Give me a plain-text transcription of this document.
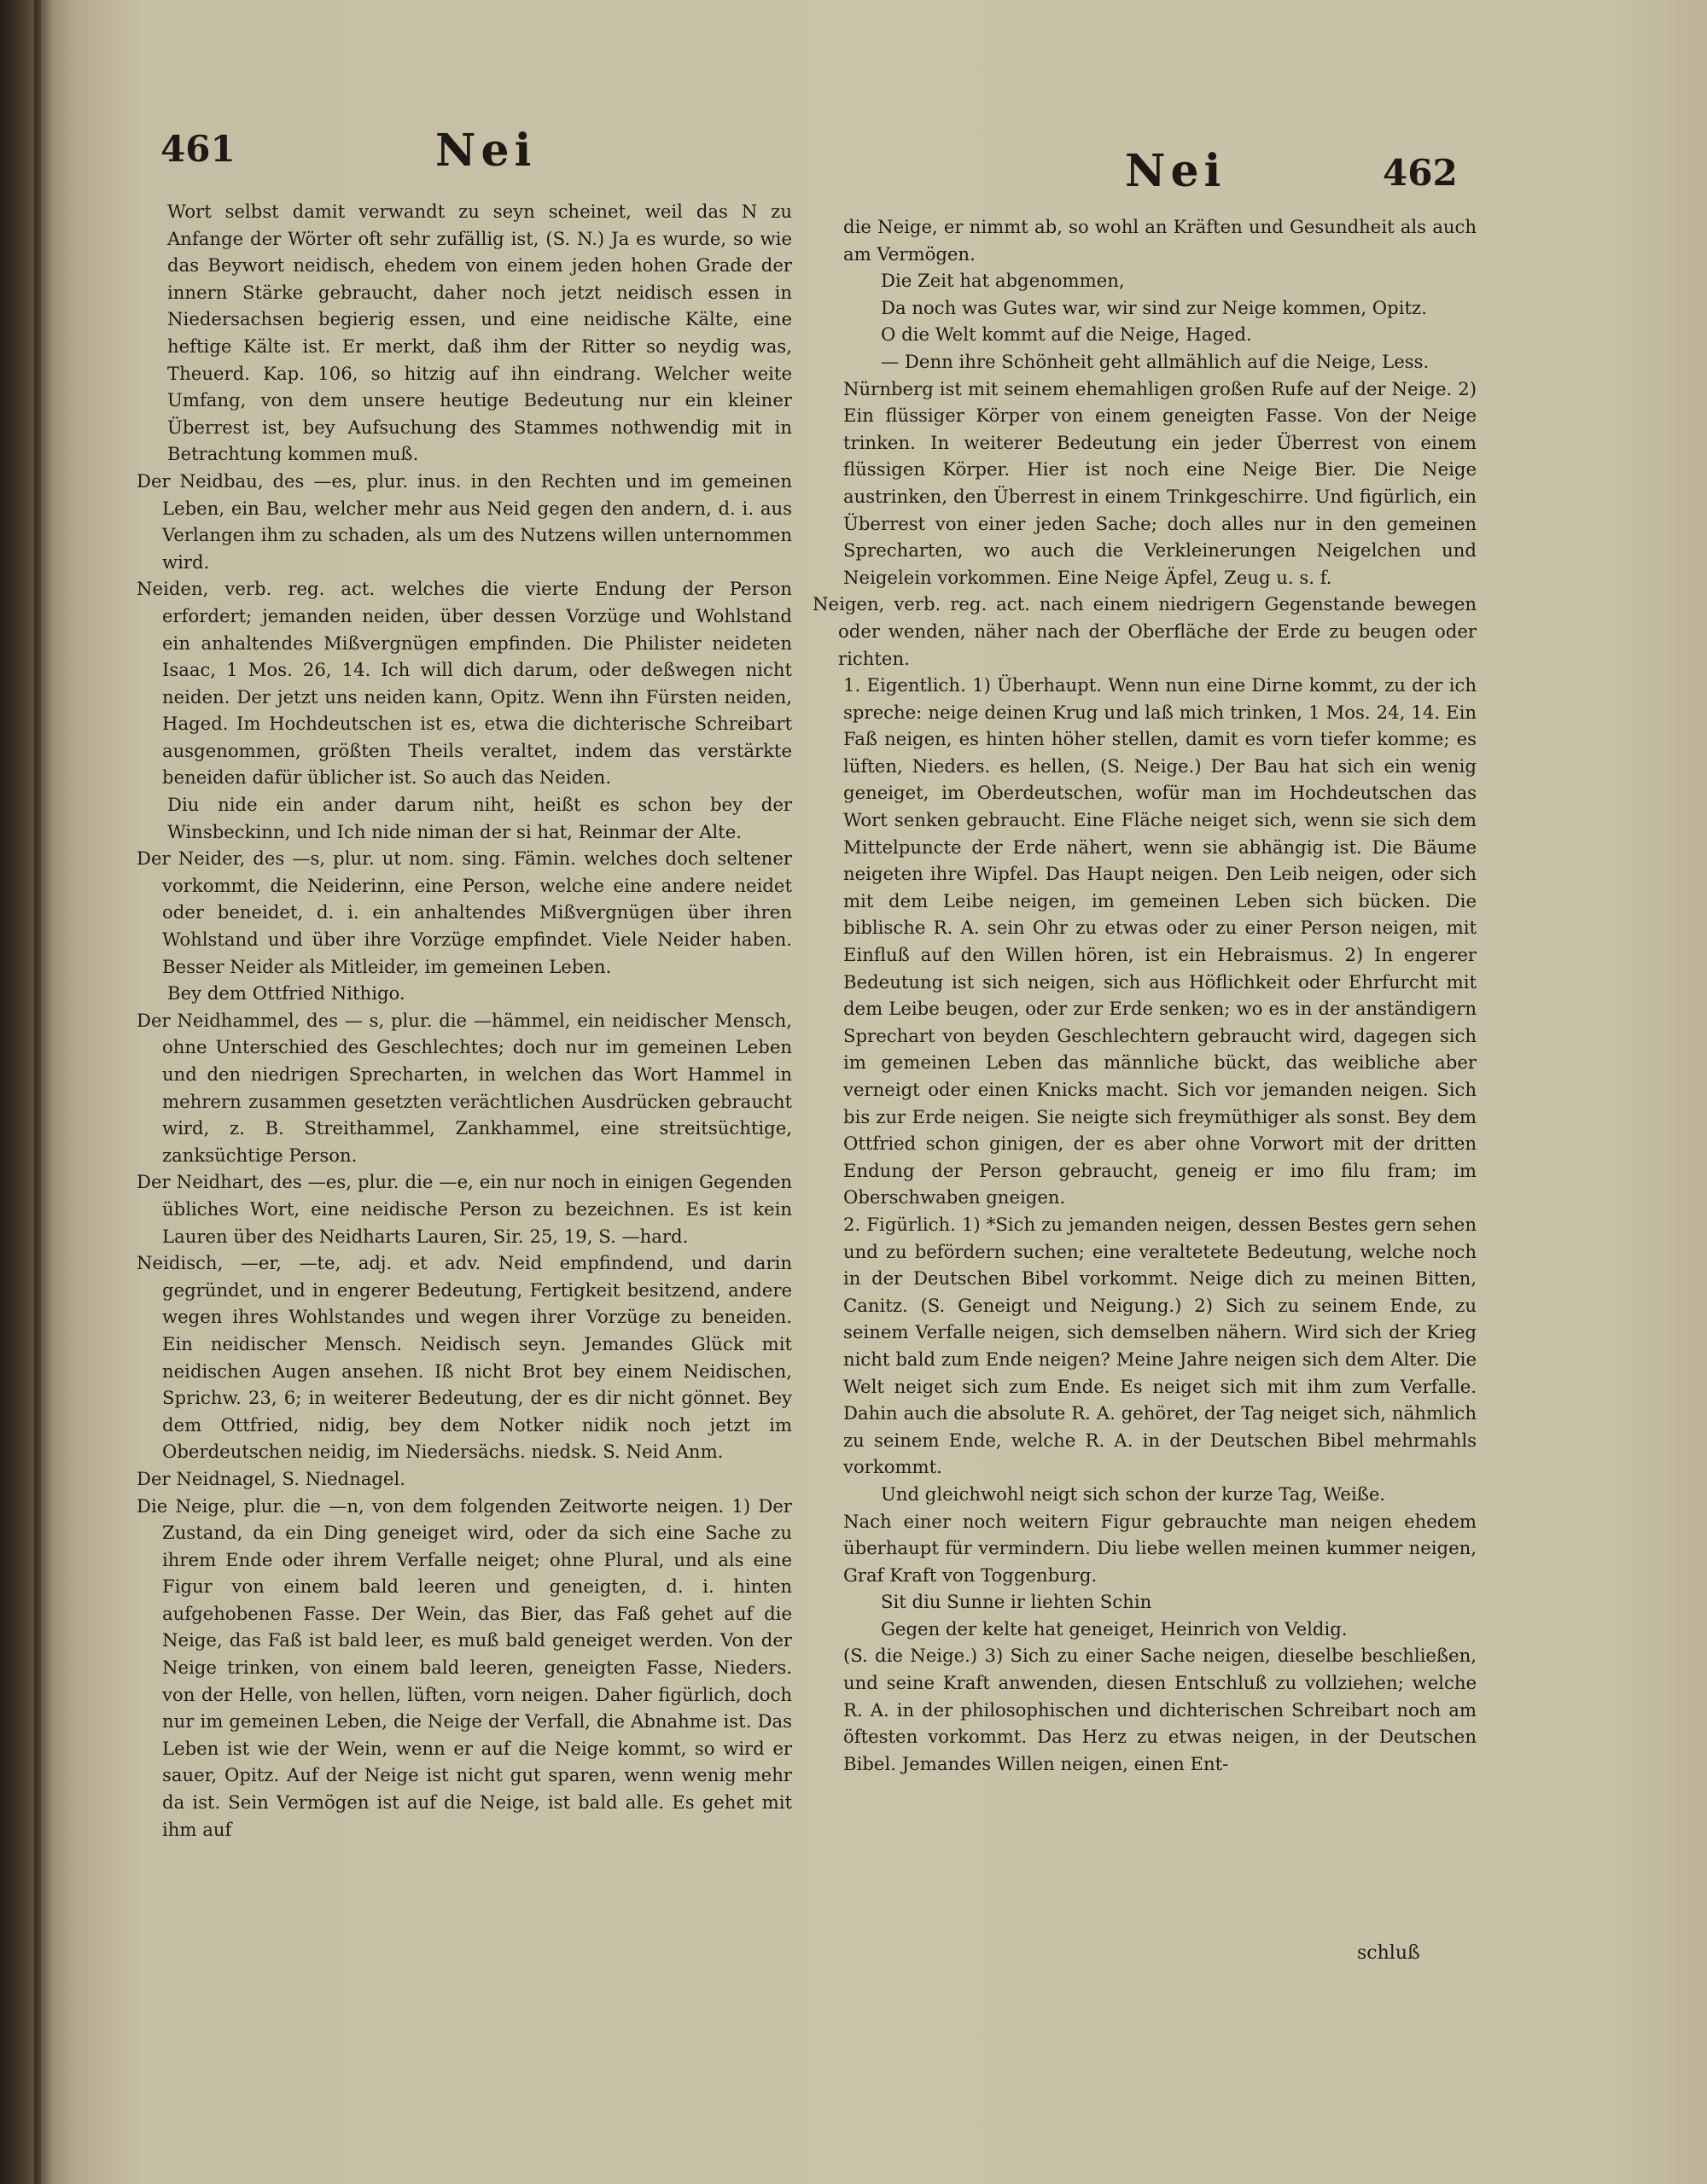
461	Nei	Nei	462

Wort selbst damit verwandt zu seyn scheinet, weil das N zu Anfange der Wörter oft sehr zufällig ist, (S. N.) Ja es wurde, so wie das Beywort neidisch, ehedem von einem jeden hohen Grade der innern Stärke gebraucht, daher noch jetzt neidisch essen in Niedersachsen begierig essen, und eine neidische Kälte, eine heftige Kälte ist. Er merkt, daß ihm der Ritter so neydig was, Theuerd. Kap. 106, so hitzig auf ihn eindrang. Welcher weite Umfang, von dem unsere heutige Bedeutung nur ein kleiner Überrest ist, bey Aufsuchung des Stammes nothwendig mit in Betrachtung kommen muß.

Der Neidbau, des —es, plur. inus. in den Rechten und im gemeinen Leben, ein Bau, welcher mehr aus Neid gegen den andern, d. i. aus Verlangen ihm zu schaden, als um des Nutzens willen unternommen wird.

Neiden, verb. reg. act. welches die vierte Endung der Person erfordert; jemanden neiden, über dessen Vorzüge und Wohlstand ein anhaltendes Mißvergnügen empfinden. Die Philister neideten Isaac, 1 Mos. 26, 14. Ich will dich darum, oder deßwegen nicht neiden. Der jetzt uns neiden kann, Opitz. Wenn ihn Fürsten neiden, Haged. Im Hochdeutschen ist es, etwa die dichterische Schreibart ausgenommen, größten Theils veraltet, indem das verstärkte beneiden dafür üblicher ist. So auch das Neiden.

Diu nide ein ander darum niht, heißt es schon bey der Winsbeckinn, und Ich nide niman der si hat, Reinmar der Alte.

Der Neider, des —s, plur. ut nom. sing. Fämin. welches doch seltener vorkommt, die Neiderinn, eine Person, welche eine andere neidet oder beneidet, d. i. ein anhaltendes Mißvergnügen über ihren Wohlstand und über ihre Vorzüge empfindet. Viele Neider haben. Besser Neider als Mitleider, im gemeinen Leben.

Bey dem Ottfried Nithigo.

Der Neidhammel, des — s, plur. die —hämmel, ein neidischer Mensch, ohne Unterschied des Geschlechtes; doch nur im gemeinen Leben und den niedrigen Sprecharten, in welchen das Wort Hammel in mehrern zusammen gesetzten verächtlichen Ausdrücken gebraucht wird, z. B. Streithammel, Zankhammel, eine streitsüchtige, zanksüchtige Person.

Der Neidhart, des —es, plur. die —e, ein nur noch in einigen Gegenden übliches Wort, eine neidische Person zu bezeichnen. Es ist kein Lauren über des Neidharts Lauren, Sir. 25, 19, S. —hard.

Neidisch, —er, —te, adj. et adv. Neid empfindend, und darin gegründet, und in engerer Bedeutung, Fertigkeit besitzend, andere wegen ihres Wohlstandes und wegen ihrer Vorzüge zu beneiden. Ein neidischer Mensch. Neidisch seyn. Jemandes Glück mit neidischen Augen ansehen. Iß nicht Brot bey einem Neidischen, Sprichw. 23, 6; in weiterer Bedeutung, der es dir nicht gönnet. Bey dem Ottfried, nidig, bey dem Notker nidik noch jetzt im Oberdeutschen neidig, im Niedersächs. niedsk. S. Neid Anm.

Der Neidnagel, S. Niednagel.

Die Neige, plur. die —n, von dem folgenden Zeitworte neigen. 1) Der Zustand, da ein Ding geneiget wird, oder da sich eine Sache zu ihrem Ende oder ihrem Verfalle neiget; ohne Plural, und als eine Figur von einem bald leeren und geneigten, d. i. hinten aufgehobenen Fasse. Der Wein, das Bier, das Faß gehet auf die Neige, das Faß ist bald leer, es muß bald geneiget werden. Von der Neige trinken, von einem bald leeren, geneigten Fasse, Nieders. von der Helle, von hellen, lüften, vorn neigen. Daher figürlich, doch nur im gemeinen Leben, die Neige der Verfall, die Abnahme ist. Das Leben ist wie der Wein, wenn er auf die Neige kommt, so wird er sauer, Opitz. Auf der Neige ist nicht gut sparen, wenn wenig mehr da ist. Sein Vermögen ist auf die Neige, ist bald alle. Es gehet mit ihm auf

die Neige, er nimmt ab, so wohl an Kräften und Gesundheit als auch am Vermögen.

Die Zeit hat abgenommen,

Da noch was Gutes war, wir sind zur Neige kommen, Opitz.

O die Welt kommt auf die Neige, Haged.

— Denn ihre Schönheit geht allmählich auf die Neige, Less.

Nürnberg ist mit seinem ehemahligen großen Rufe auf der Neige. 2) Ein flüssiger Körper von einem geneigten Fasse. Von der Neige trinken. In weiterer Bedeutung ein jeder Überrest von einem flüssigen Körper. Hier ist noch eine Neige Bier. Die Neige austrinken, den Überrest in einem Trinkgeschirre. Und figürlich, ein Überrest von einer jeden Sache; doch alles nur in den gemeinen Sprecharten, wo auch die Verkleinerungen Neigelchen und Neigelein vorkommen. Eine Neige Äpfel, Zeug u. s. f.

Neigen, verb. reg. act. nach einem niedrigern Gegenstande bewegen oder wenden, näher nach der Oberfläche der Erde zu beugen oder richten.

1. Eigentlich. 1) Überhaupt. Wenn nun eine Dirne kommt, zu der ich spreche: neige deinen Krug und laß mich trinken, 1 Mos. 24, 14. Ein Faß neigen, es hinten höher stellen, damit es vorn tiefer komme; es lüften, Nieders. es hellen, (S. Neige.) Der Bau hat sich ein wenig geneiget, im Oberdeutschen, wofür man im Hochdeutschen das Wort senken gebraucht. Eine Fläche neiget sich, wenn sie sich dem Mittelpuncte der Erde nähert, wenn sie abhängig ist. Die Bäume neigeten ihre Wipfel. Das Haupt neigen. Den Leib neigen, oder sich mit dem Leibe neigen, im gemeinen Leben sich bücken. Die biblische R. A. sein Ohr zu etwas oder zu einer Person neigen, mit Einfluß auf den Willen hören, ist ein Hebraismus. 2) In engerer Bedeutung ist sich neigen, sich aus Höflichkeit oder Ehrfurcht mit dem Leibe beugen, oder zur Erde senken; wo es in der anständigern Sprechart von beyden Geschlechtern gebraucht wird, dagegen sich im gemeinen Leben das männliche bückt, das weibliche aber verneigt oder einen Knicks macht. Sich vor jemanden neigen. Sich bis zur Erde neigen. Sie neigte sich freymüthiger als sonst. Bey dem Ottfried schon ginigen, der es aber ohne Vorwort mit der dritten Endung der Person gebraucht, geneig er imo filu fram; im Oberschwaben gneigen.

2. Figürlich. 1) *Sich zu jemanden neigen, dessen Bestes gern sehen und zu befördern suchen; eine veraltetete Bedeutung, welche noch in der Deutschen Bibel vorkommt. Neige dich zu meinen Bitten, Canitz. (S. Geneigt und Neigung.) 2) Sich zu seinem Ende, zu seinem Verfalle neigen, sich demselben nähern. Wird sich der Krieg nicht bald zum Ende neigen? Meine Jahre neigen sich dem Alter. Die Welt neiget sich zum Ende. Es neiget sich mit ihm zum Verfalle. Dahin auch die absolute R. A. gehöret, der Tag neiget sich, nähmlich zu seinem Ende, welche R. A. in der Deutschen Bibel mehrmahls vorkommt.

Und gleichwohl neigt sich schon der kurze Tag, Weiße.

Nach einer noch weitern Figur gebrauchte man neigen ehedem überhaupt für vermindern. Diu liebe wellen meinen kummer neigen, Graf Kraft von Toggenburg.

Sit diu Sunne ir liehten Schin

Gegen der kelte hat geneiget, Heinrich von Veldig.

(S. die Neige.) 3) Sich zu einer Sache neigen, dieselbe beschließen, und seine Kraft anwenden, diesen Entschluß zu vollziehen; welche R. A. in der philosophischen und dichterischen Schreibart noch am öftesten vorkommt. Das Herz zu etwas neigen, in der Deutschen Bibel. Jemandes Willen neigen, einen Ent-

schluß
